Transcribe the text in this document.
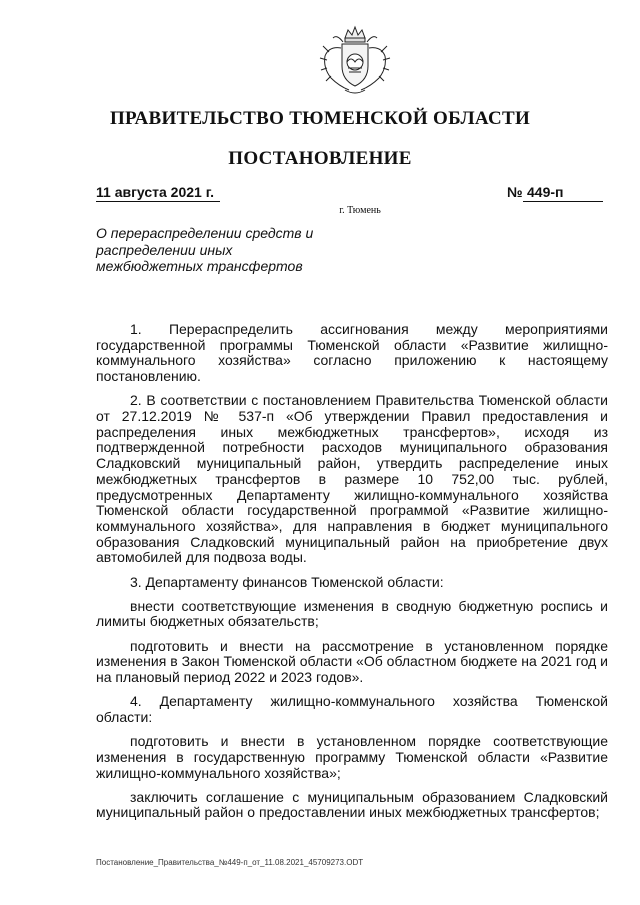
ПРАВИТЕЛЬСТВО ТЮМЕНСКОЙ ОБЛАСТИ
ПОСТАНОВЛЕНИЕ
11 августа 2021 г.	№ 449-п
г. Тюмень
О перераспределении средств и распределении иных межбюджетных трансфертов

1. Перераспределить ассигнования между мероприятиями государственной программы Тюменской области «Развитие жилищно-коммунального хозяйства» согласно приложению к настоящему постановлению.

2. В соответствии с постановлением Правительства Тюменской области от 27.12.2019 № 537-п «Об утверждении Правил предоставления и распределения иных межбюджетных трансфертов», исходя из подтвержденной потребности расходов муниципального образования Сладковский муниципальный район, утвердить распределение иных межбюджетных трансфертов в размере 10 752,00 тыс. рублей, предусмотренных Департаменту жилищно-коммунального хозяйства Тюменской области государственной программой «Развитие жилищно-коммунального хозяйства», для направления в бюджет муниципального образования Сладковский муниципальный район на приобретение двух автомобилей для подвоза воды.

3. Департаменту финансов Тюменской области:

внести соответствующие изменения в сводную бюджетную роспись и лимиты бюджетных обязательств;

подготовить и внести на рассмотрение в установленном порядке изменения в Закон Тюменской области «Об областном бюджете на 2021 год и на плановый период 2022 и 2023 годов».

4. Департаменту жилищно-коммунального хозяйства Тюменской области:

подготовить и внести в установленном порядке соответствующие изменения в государственную программу Тюменской области «Развитие жилищно-коммунального хозяйства»;

заключить соглашение с муниципальным образованием Сладковский муниципальный район о предоставлении иных межбюджетных трансфертов;

Постановление_Правительства_№449-п_от_11.08.2021_45709273.ODT
